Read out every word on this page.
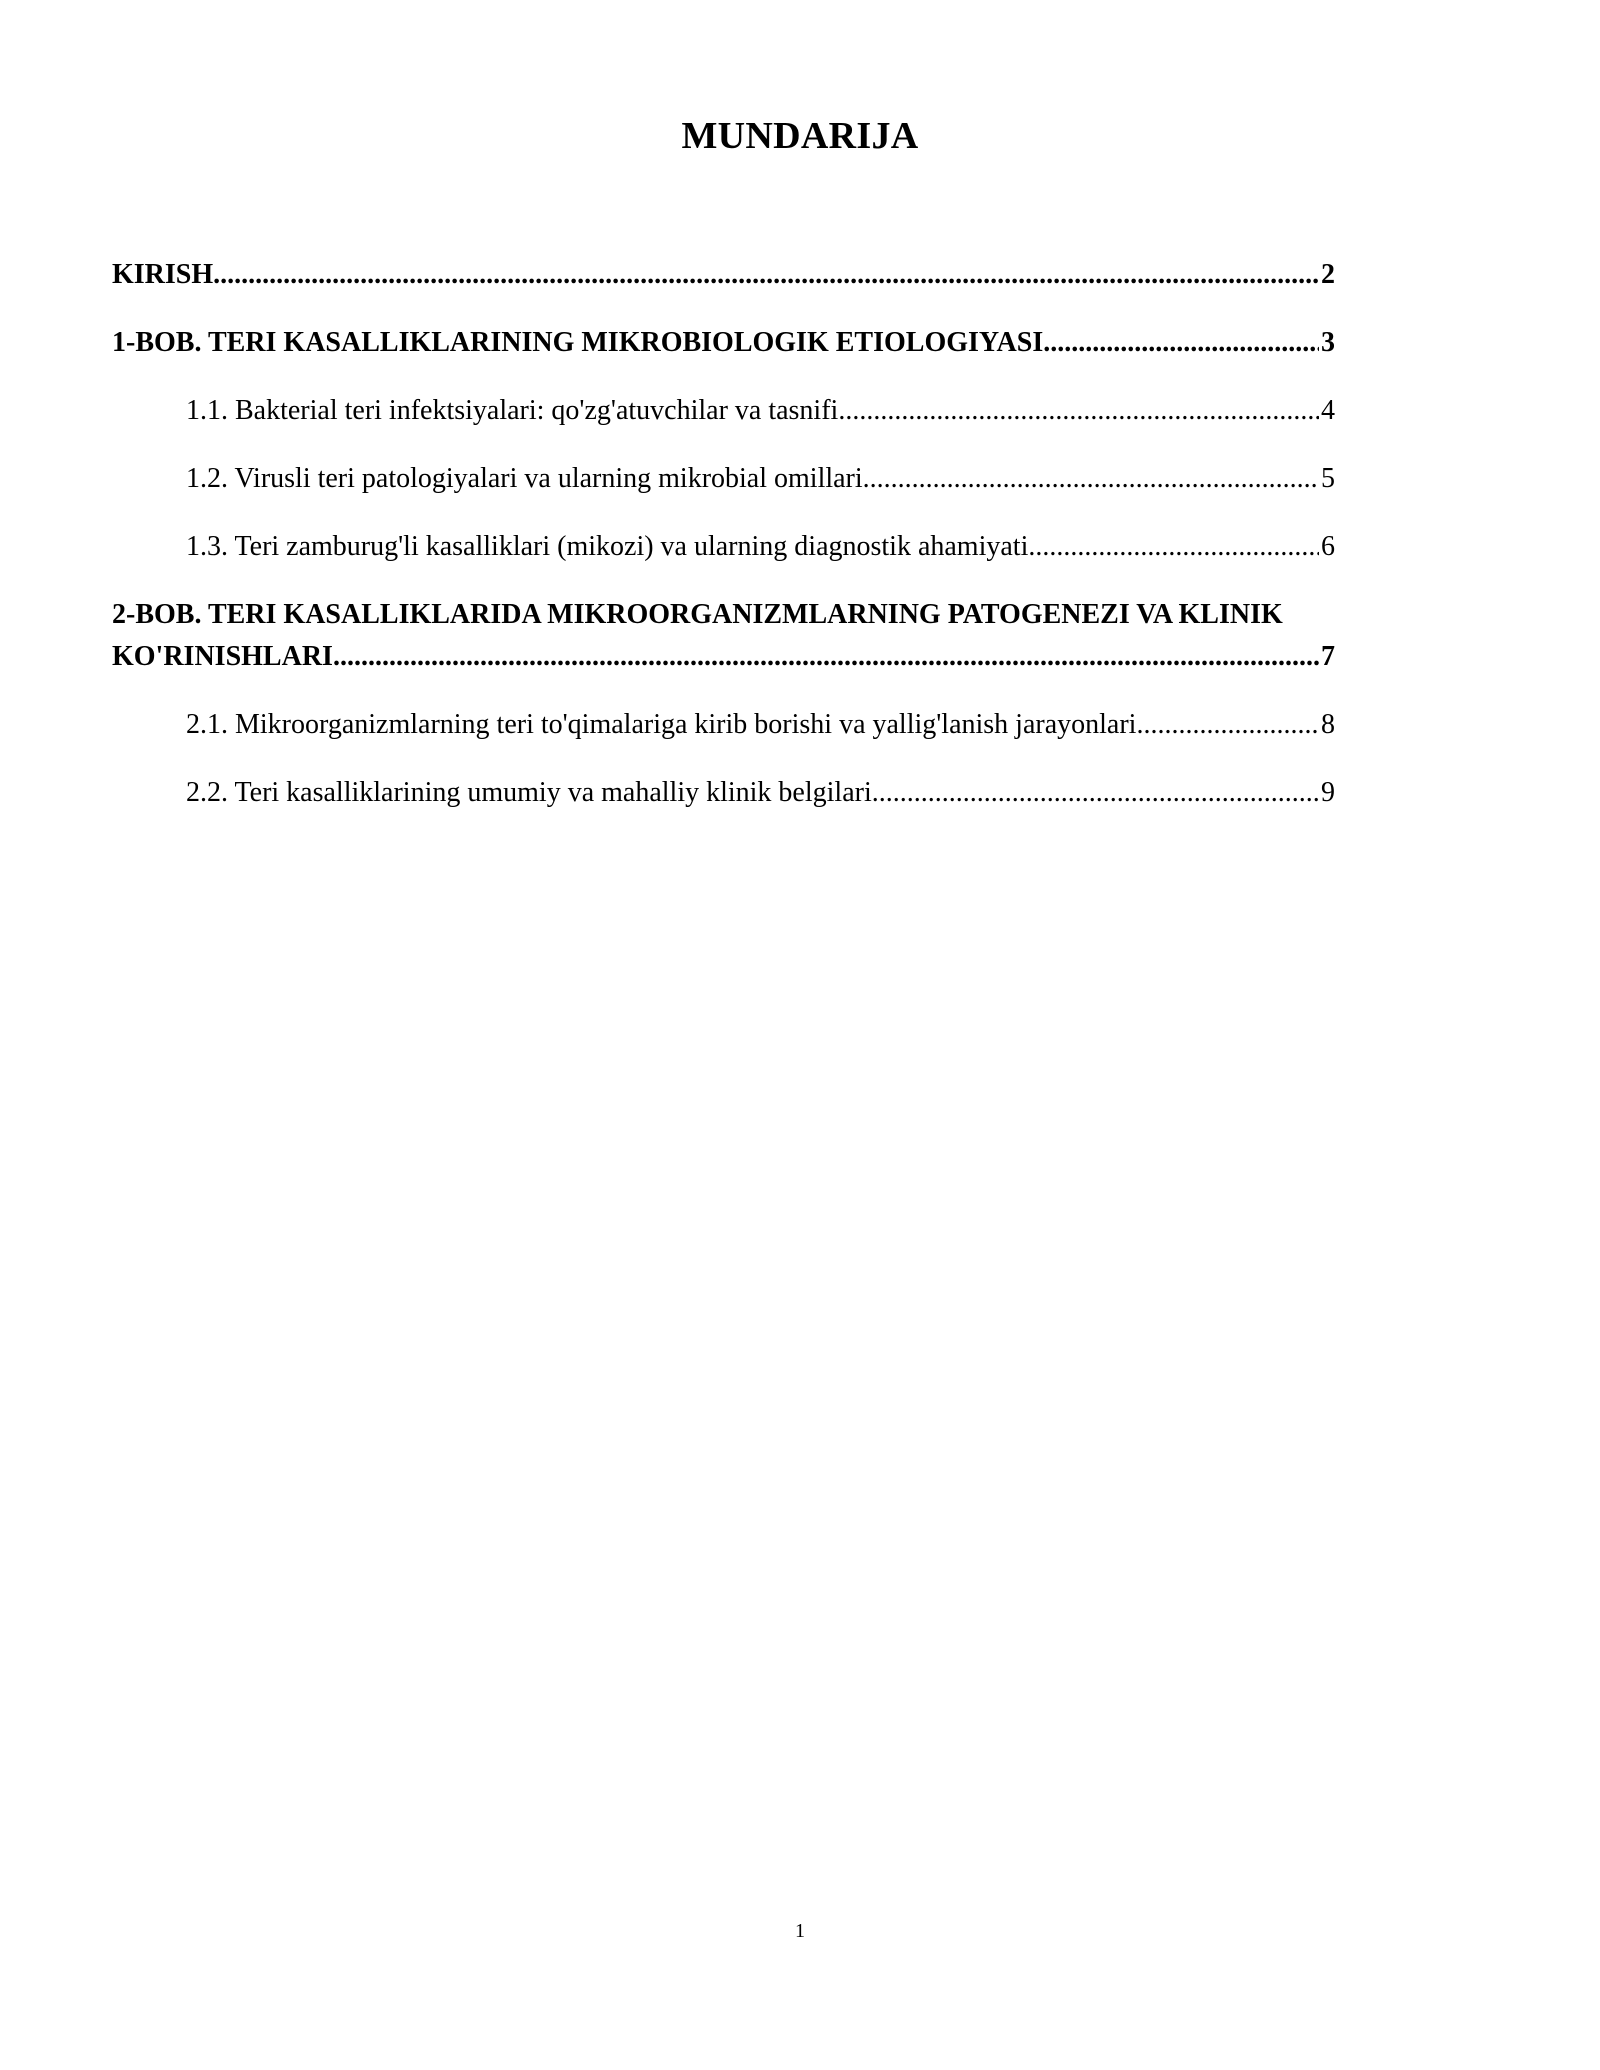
MUNDARIJA
KIRISH .....	2
1-BOB. TERI KASALLIKLARINING MIKROBIOLOGIK ETIOLOGIYASI .....	3
1.1. Bakterial teri infektsiyalari: qo'zg'atuvchilar va tasnifi .....	4
1.2. Virusli teri patologiyalari va ularning mikrobial omillari .....	5
1.3. Teri zamburug'li kasalliklari (mikozi) va ularning diagnostik ahamiyati .....	6
2-BOB. TERI KASALLIKLARIDA MIKROORGANIZMLARNING PATOGENEZI VA KLINIK
KO'RINISHLARI .....	7
2.1. Mikroorganizmlarning teri to'qimalariga kirib borishi va yallig'lanish jarayonlari .....	8
2.2. Teri kasalliklarining umumiy va mahalliy klinik belgilari .....	9
1
